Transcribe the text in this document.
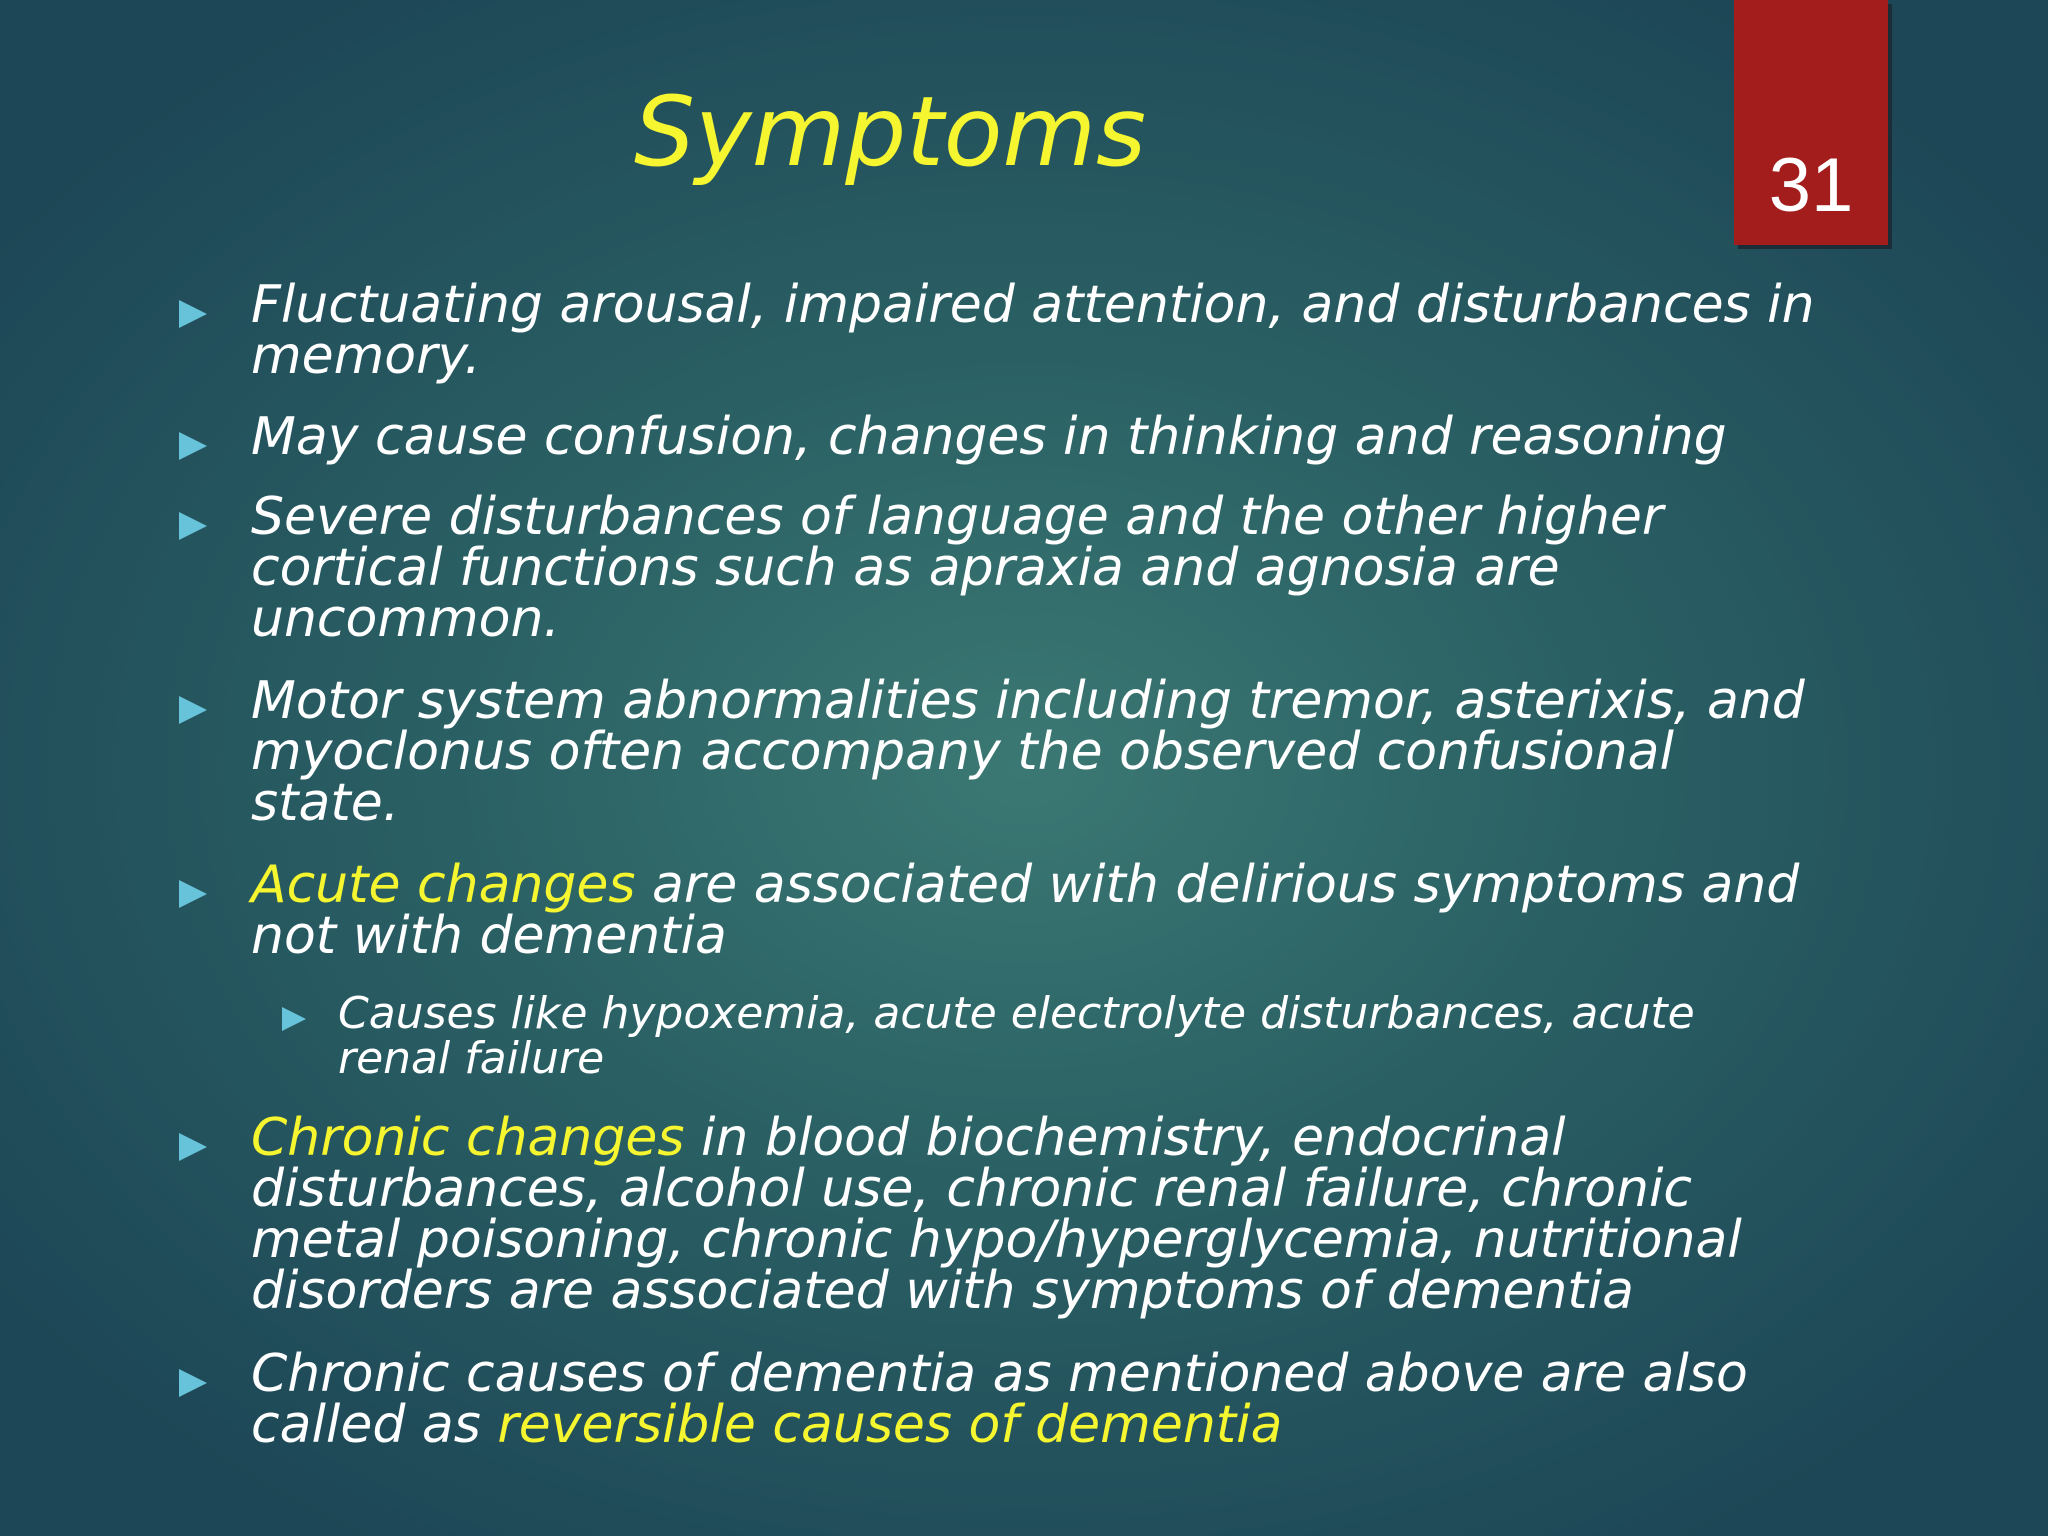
Symptoms	31

Fluctuating arousal, impaired attention, and disturbances in
memory.

May cause confusion, changes in thinking and reasoning

Severe disturbances of language and the other higher
cortical functions such as apraxia and agnosia are
uncommon.

Motor system abnormalities including tremor, asterixis, and
myoclonus often accompany the observed confusional
state.

Acute changes are associated with delirious symptoms and
not with dementia

Causes like hypoxemia, acute electrolyte disturbances, acute
renal failure

Chronic changes in blood biochemistry, endocrinal
disturbances, alcohol use, chronic renal failure, chronic
metal poisoning, chronic hypo/hyperglycemia, nutritional
disorders are associated with symptoms of dementia

Chronic causes of dementia as mentioned above are also
called as reversible causes of dementia
